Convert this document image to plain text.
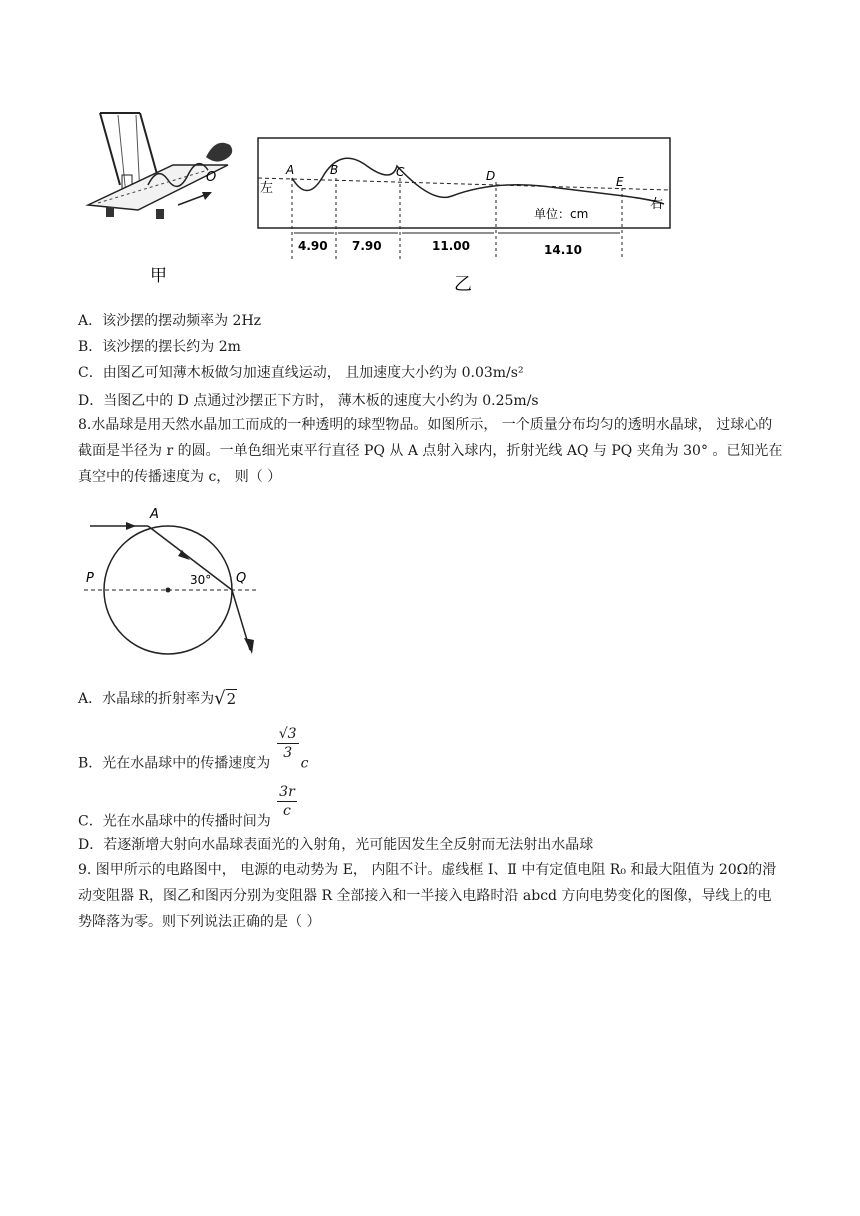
O
甲
A	B	C	D	E
左
右
单位：cm
4.90 7.90	11.00	14.10
乙
A．该沙摆的摆动频率为 2Hz
B．该沙摆的摆长约为 2m
C．由图乙可知薄木板做匀加速直线运动， 且加速度大小约为 0.03m/s²
D．当图乙中的 D 点通过沙摆正下方时， 薄木板的速度大小约为 0.25m/s
8.水晶球是用天然水晶加工而成的一种透明的球型物品。如图所示， 一个质量分布均匀的透明水晶球， 过球心的截面是半径为 r 的圆。一单色细光束平行直径 PQ 从 A 点射入球内，折射光线 AQ 与 PQ 夹角为 30° 。已知光在真空中的传播速度为 c， 则（ ）
A
P	Q
30°
A．水晶球的折射率为√2
B．光在水晶球中的传播速度为
$\frac{√3}{3}$
c
C．光在水晶球中的传播时间为
$\frac{3r}{c}$
D．若逐渐增大射向水晶球表面光的入射角，光可能因发生全反射而无法射出水晶球
9. 图甲所示的电路图中， 电源的电动势为 E， 内阻不计。虚线框 Ⅰ、Ⅱ 中有定值电阻 R₀ 和最大阻值为 20Ω的滑动变阻器 R，图乙和图丙分别为变阻器 R 全部接入和一半接入电路时沿 abcd 方向电势变化的图像，导线上的电势降落为零。则下列说法正确的是（ ）
